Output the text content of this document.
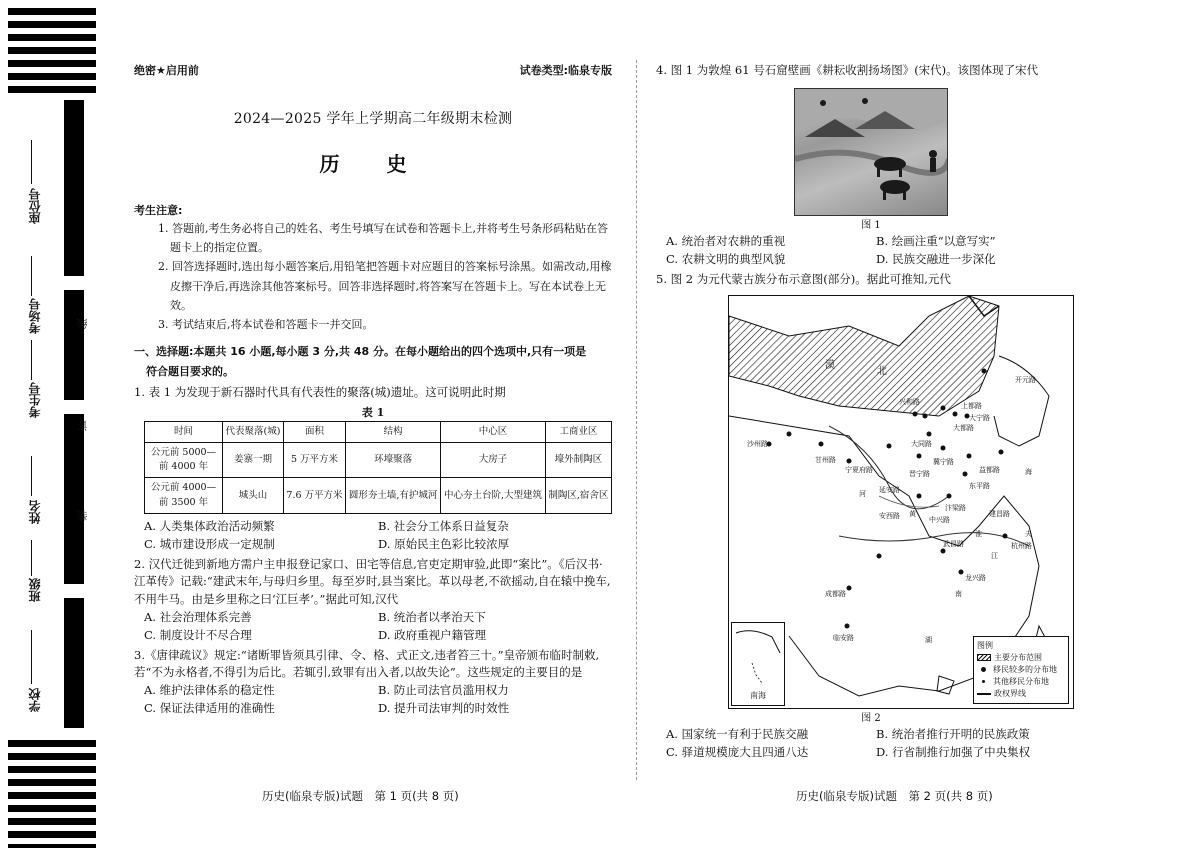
座位号
考场号
考生号
姓名
班级
学校
线
订
装
绝密★启用前	试卷类型:临泉专版
2024—2025 学年上学期高二年级期末检测
历 史
考生注意:

1. 答题前,考生务必将自己的姓名、考生号填写在试卷和答题卡上,并将考生号条形码粘贴在答题卡上的指定位置。

2. 回答选择题时,选出每小题答案后,用铅笔把答题卡对应题目的答案标号涂黑。如需改动,用橡皮擦干净后,再选涂其他答案标号。回答非选择题时,将答案写在答题卡上。写在本试卷上无效。

3. 考试结束后,将本试卷和答题卡一并交回。

一、选择题:本题共 16 小题,每小题 3 分,共 48 分。在每小题给出的四个选项中,只有一项是
符合题目要求的。
1. 表 1 为发现于新石器时代具有代表性的聚落(城)遗址。这可说明此时期
表 1
时间	代表聚落(城)	面积	结构	中心区	工商业区
公元前 5000—前 4000 年	姜寨一期	5 万平方米	环壕聚落	大房子	壕外制陶区
公元前 4000—前 3500 年	城头山	7.6 万平方米	圆形夯土墙,有护城河	中心夯土台阶,大型建筑	制陶区,宿舍区
A. 人类集体政治活动频繁	B. 社会分工体系日益复杂
C. 城市建设形成一定规制	D. 原始民主色彩比较浓厚
2. 汉代迁徙到新地方需户主申报登记家口、田宅等信息,官吏定期审验,此即“案比”。《后汉书·江革传》记载:“建武末年,与母归乡里。每至岁时,县当案比。革以母老,不欲摇动,自在辕中挽车,不用牛马。由是乡里称之曰‘江巨孝’。”据此可知,汉代
A. 社会治理体系完善	B. 统治者以孝治天下
C. 制度设计不尽合理	D. 政府重视户籍管理
3.《唐律疏议》规定:“诸断罪皆须具引律、令、格、式正文,违者笞三十。”皇帝颁布临时制敕,若“不为永格者,不得引为后比。若辄引,致罪有出入者,以故失论”。这些规定的主要目的是
A. 维护法律体系的稳定性	B. 防止司法官员滥用权力
C. 保证法律适用的准确性	D. 提升司法审判的时效性
历史(临泉专版)试题　第 1 页(共 8 页)
4. 图 1 为敦煌 61 号石窟壁画《耕耘收割扬场图》(宋代)。该图体现了宋代
图 1
A. 统治者对农耕的重视	B. 绘画注重“以意写实”
C. 农耕文明的典型风貌	D. 民族交融进一步深化
5. 图 2 为元代蒙古族分布示意图(部分)。据此可推知,元代
漠
北
开元路
上都路
大宁路
兴和路
大都路
沙州路
甘州路
宁夏府路
大同路
冀宁路
晋宁路
延安路
益都路
东平路
汴梁路
河
黄
海
安西路	中兴路
建昌路
淮
武昌路	杭州路
江
夫
龙兴路
成都路
临安路	湖
南
南海
图例
主要分布范围
移民较多的分布地
其他移民分布地
政权界线
图 2
A. 国家统一有利于民族交融	B. 统治者推行开明的民族政策
C. 驿道规模庞大且四通八达	D. 行省制推行加强了中央集权
历史(临泉专版)试题　第 2 页(共 8 页)
